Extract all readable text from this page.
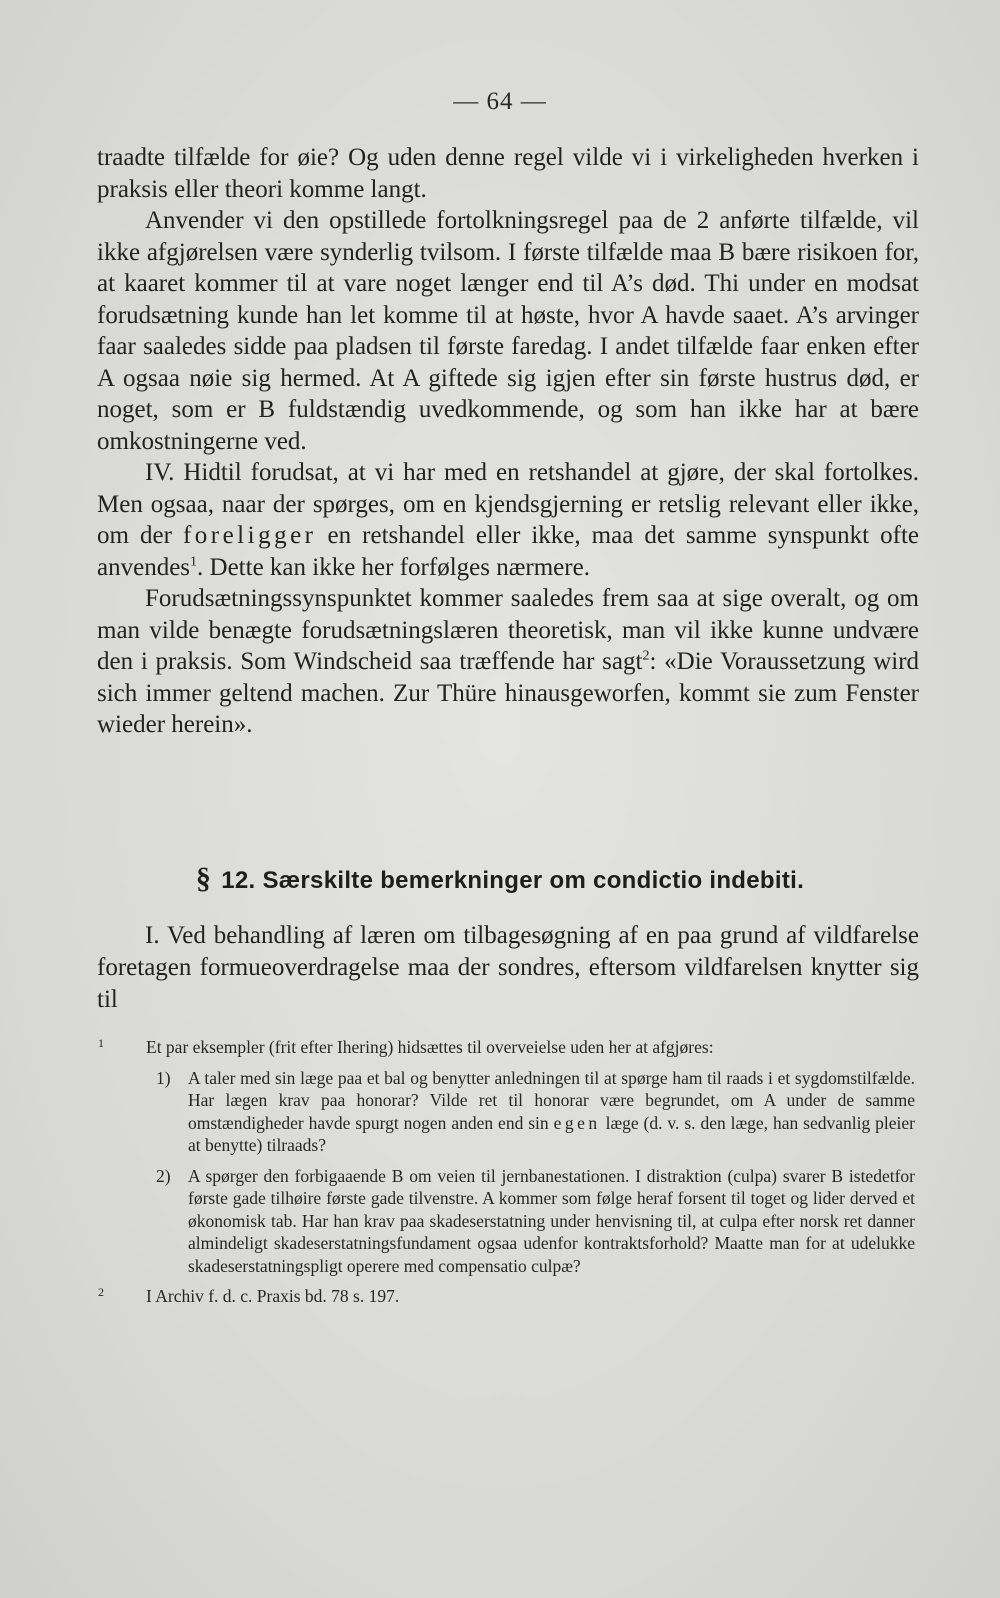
— 64 —

traadte tilfælde for øie? Og uden denne regel vilde vi i virkeligheden hverken i praksis eller theori komme langt.

Anvender vi den opstillede fortolkningsregel paa de 2 anførte tilfælde, vil ikke afgjørelsen være synderlig tvilsom. I første tilfælde maa B bære risikoen for, at kaaret kommer til at vare noget længer end til A’s død. Thi under en modsat forudsætning kunde han let komme til at høste, hvor A havde saaet. A’s arvinger faar saaledes sidde paa pladsen til første faredag. I andet tilfælde faar enken efter A ogsaa nøie sig hermed. At A giftede sig igjen efter sin første hustrus død, er noget, som er B fuldstændig uvedkommende, og som han ikke har at bære omkostningerne ved.

IV. Hidtil forudsat, at vi har med en retshandel at gjøre, der skal fortolkes. Men ogsaa, naar der spørges, om en kjendsgjerning er retslig relevant eller ikke, om der foreligger en retshandel eller ikke, maa det samme synspunkt ofte anvendes$^1$. Dette kan ikke her forfølges nærmere.

Forudsætningssynspunktet kommer saaledes frem saa at sige overalt, og om man vilde benægte forudsætningslæren theoretisk, man vil ikke kunne undvære den i praksis. Som Windscheid saa træffende har sagt$^2$: «Die Voraussetzung wird sich immer geltend machen. Zur Thüre hinausgeworfen, kommt sie zum Fenster wieder herein».

§ 12. Særskilte bemerkninger om condictio indebiti.

I. Ved behandling af læren om tilbagesøgning af en paa grund af vildfarelse foretagen formueoverdragelse maa der sondres, eftersom vildfarelsen knytter sig til

1	Et par eksempler (frit efter Ihering) hidsættes til overveielse uden her at afgjøres:
1) A taler med sin læge paa et bal og benytter anledningen til at spørge ham til raads i et sygdomstilfælde. Har lægen krav paa honorar? Vilde ret til honorar være begrundet, om A under de samme omstændigheder havde spurgt nogen anden end sin egen læge (d. v. s. den læge, han sedvanlig pleier at benytte) tilraads?
2) A spørger den forbigaaende B om veien til jernbanestationen. I distraktion (culpa) svarer B istedetfor første gade tilhøire første gade tilvenstre. A kommer som følge heraf forsent til toget og lider derved et økonomisk tab. Har han krav paa skadeserstatning under henvisning til, at culpa efter norsk ret danner almindeligt skadeserstatningsfundament ogsaa udenfor kontraktsforhold? Maatte man for at udelukke skadeserstatningspligt operere med compensatio culpæ?
2	I Archiv f. d. c. Praxis bd. 78 s. 197.
